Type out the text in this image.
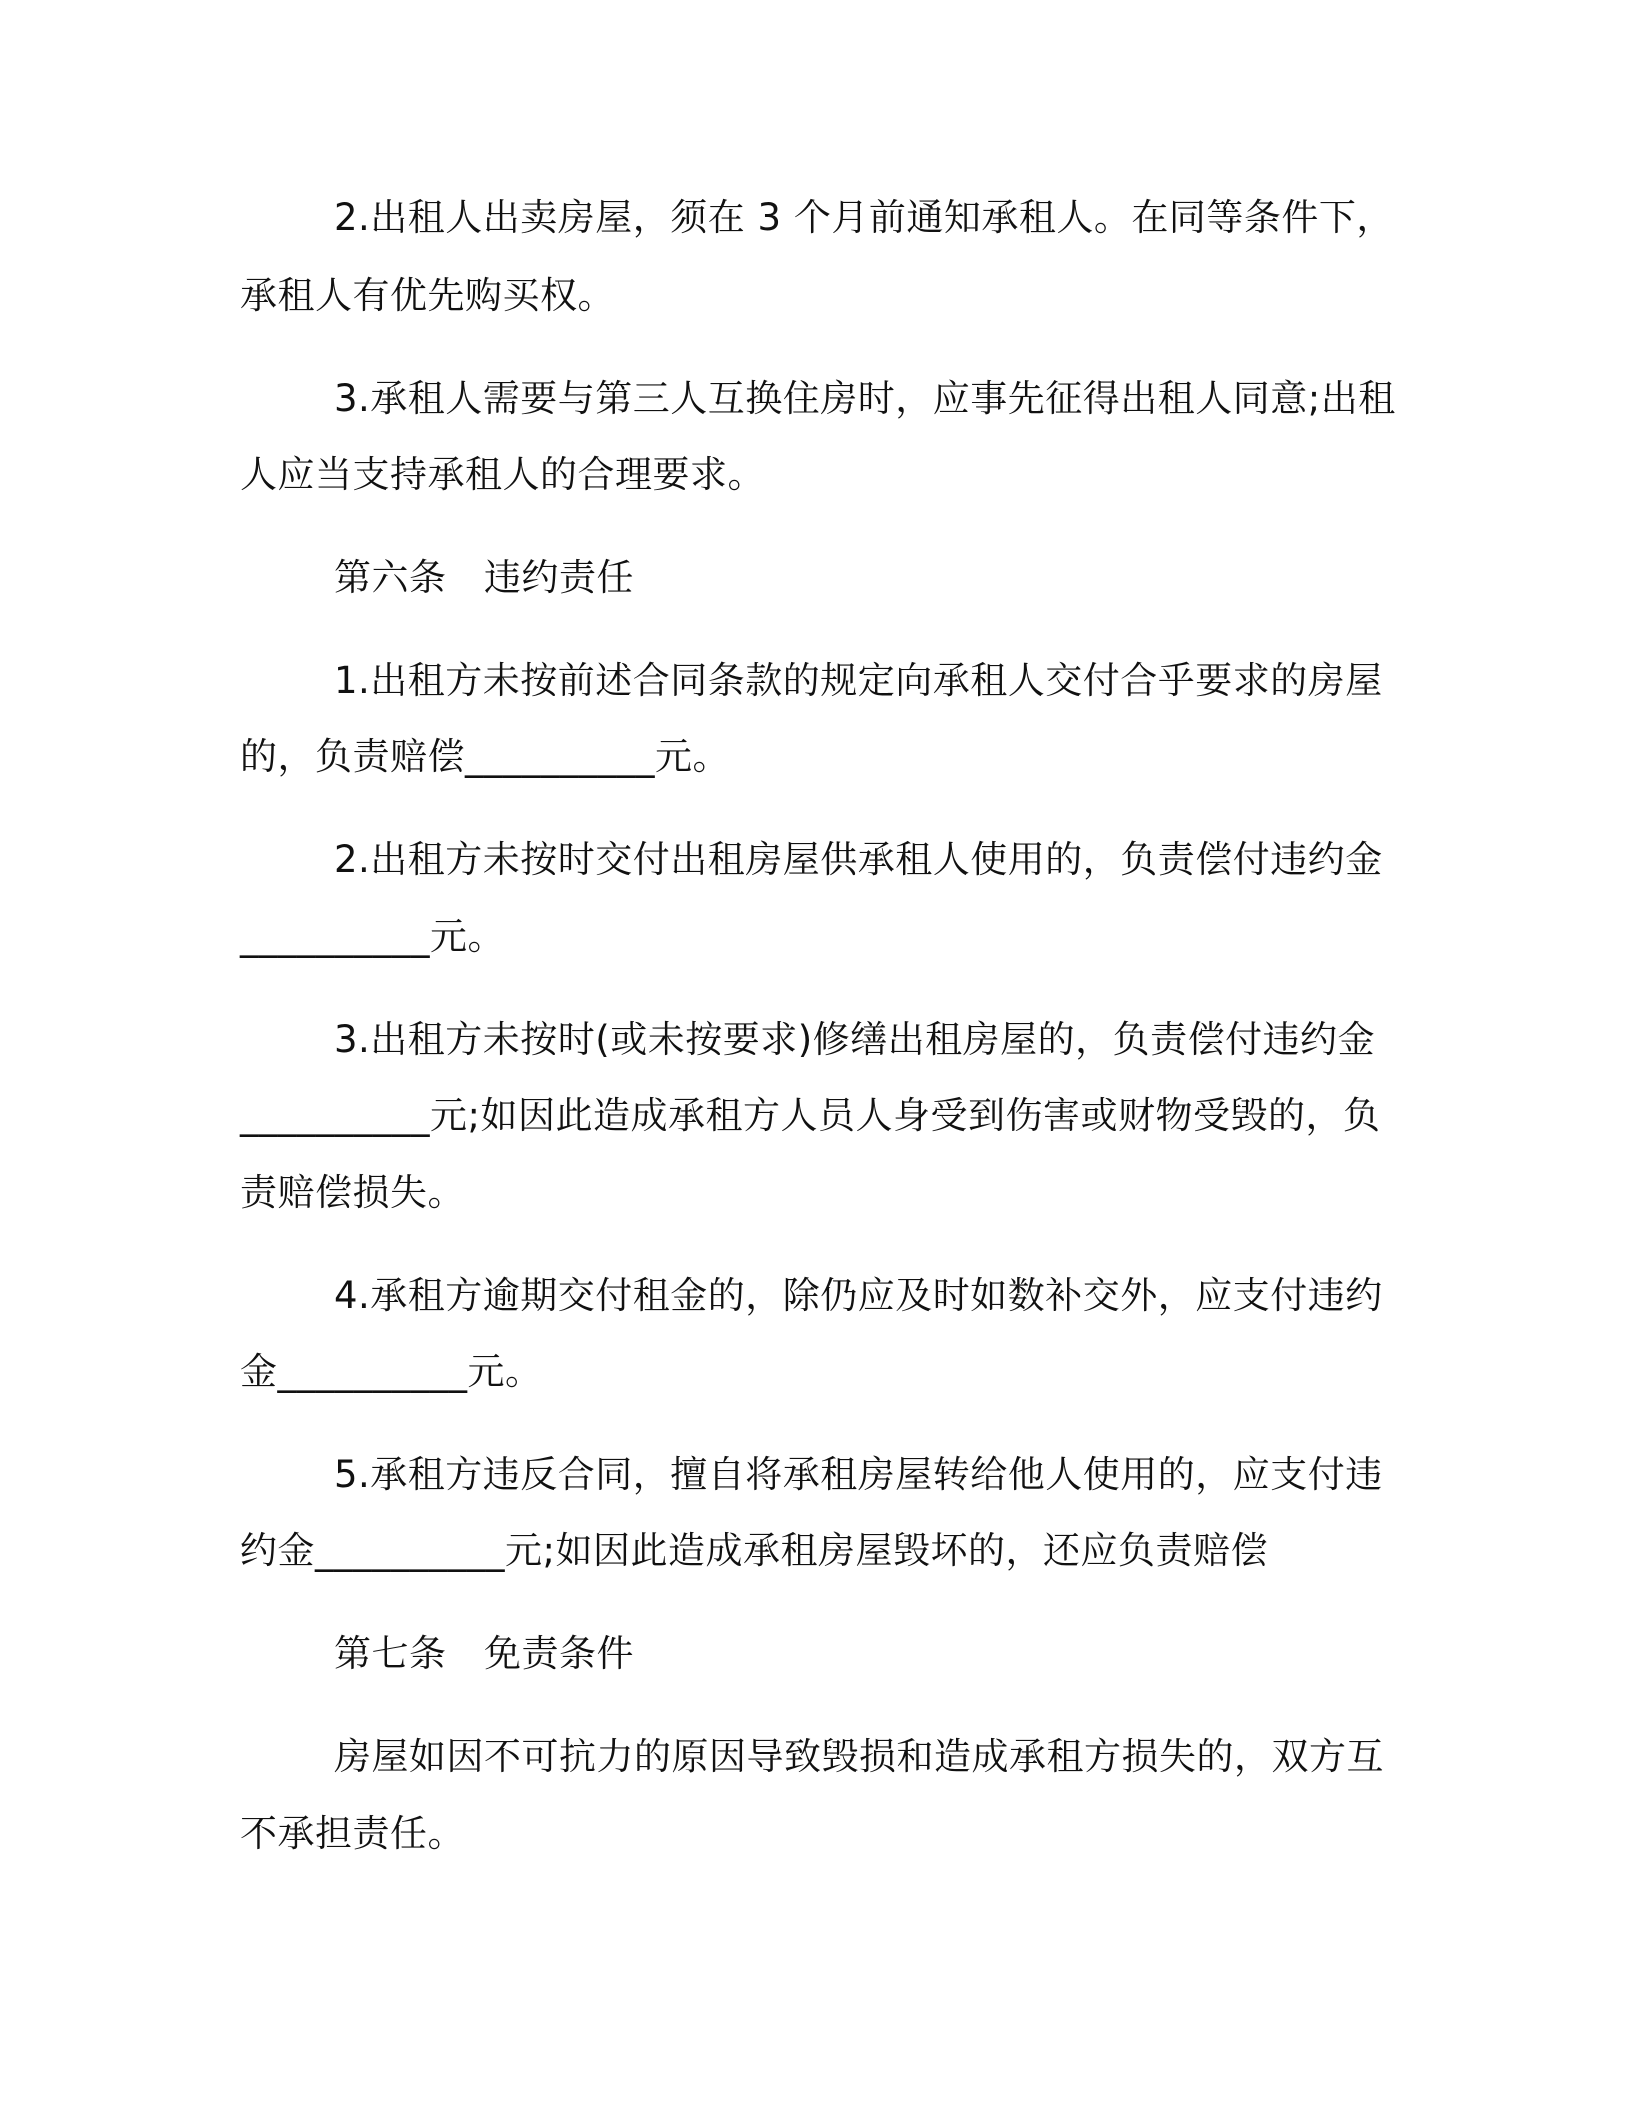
2.出租人出卖房屋，须在 3 个月前通知承租人。在同等条件下，

承租人有优先购买权。

3.承租人需要与第三人互换住房时，应事先征得出租人同意;出租

人应当支持承租人的合理要求。

第六条　违约责任

1.出租方未按前述合同条款的规定向承租人交付合乎要求的房屋

的，负责赔偿__________元。

2.出租方未按时交付出租房屋供承租人使用的，负责偿付违约金

__________元。

3.出租方未按时(或未按要求)修缮出租房屋的，负责偿付违约金

__________元;如因此造成承租方人员人身受到伤害或财物受毁的，负

责赔偿损失。

4.承租方逾期交付租金的，除仍应及时如数补交外，应支付违约

金__________元。

5.承租方违反合同，擅自将承租房屋转给他人使用的，应支付违

约金__________元;如因此造成承租房屋毁坏的，还应负责赔偿

第七条　免责条件

房屋如因不可抗力的原因导致毁损和造成承租方损失的，双方互

不承担责任。
